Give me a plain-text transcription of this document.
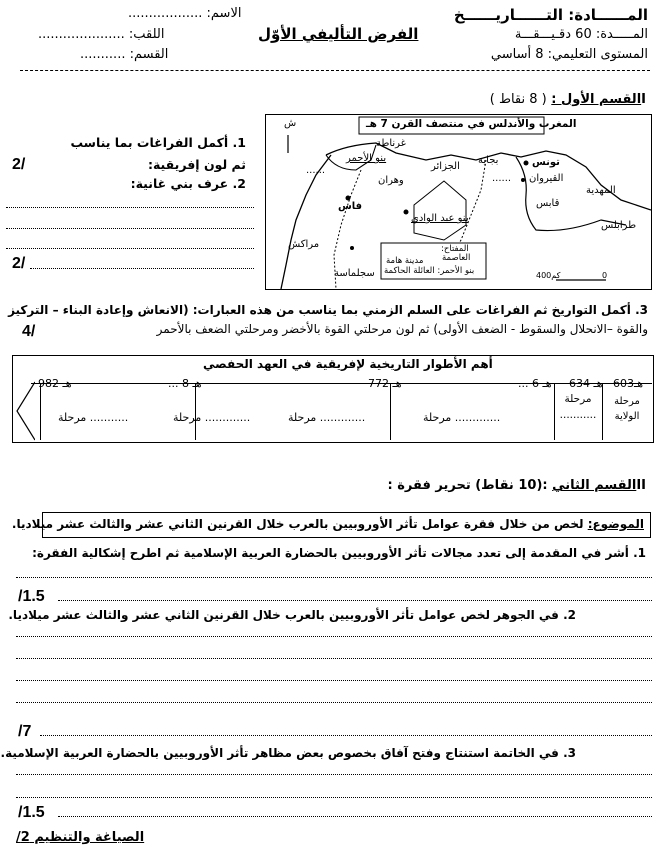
المــــــادة: التــــــاريــــــخ
المـــــدة: 60 دقـيـــقـــة
المستوى التعليمي: 8 أساسي
الفرض التأليفي الأوّل
الاسم: ..................
اللقب: .....................
القسم: ...........
Iالقسم الأول : ( 8 نقاط )
1. أكمل الفراغات بما يناسب
ثم لون إفريقية:
2. عرف بني غانية:
2/
2/
المغرب والأندلس في منتصف القرن 7 هـ
ش
غرناطة
بنو الأحمر
الجزائر
بجاية	تونس
القيروان
وهران
......
......
المهدية
قابس
طرابلس
فاس
بنو عبد الوادي
مراكش
سجلماسة
المفتاح:
العاصمة
مدينة هامة
بنو الأحمر: العائلة الحاكمة	400كم	0
3. أكمل التواريخ ثم الفراغات على السلم الزمني بما يناسب من هذه العبارات: (الانعاش وإعادة البناء – التركيز
والقوة –الانحلال والسقوط - الضعف الأولى) ثم لون مرحلتي القوة بالأخضر ومرحلتي الضعف بالأحمر
4/
أهم الأطوار التاريخية لإفريقية في العهد الحفصي
603هـ
634 هـ
... 6 هـ
772 هـ
... 8 هـ
982 هـ
مرحلة الولاية
مرحلة ...........
............. مرحلة
............. مرحلة
............. مرحلة
........... مرحلة
IIالقسم الثاني :(10 نقاط) تحرير فقرة :
الموضوع: لخص من خلال فقرة عوامل تأثر الأوروبيين بالعرب خلال القرنين الثاني عشر والثالث عشر ميلاديا.
1. أشر في المقدمة إلى تعدد مجالات تأثر الأوروبيين بالحضارة العربية الإسلامية ثم اطرح إشكالية الفقرة:
/1.5
2. في الجوهر لخص عوامل تأثر الأوروبيين بالعرب خلال القرنين الثاني عشر والثالث عشر ميلاديا.
/7
3. في الخاتمة استنتاج وفتح آفاق بخصوص بعض مظاهر تأثر الأوروبيين بالحضارة العربية الإسلامية.
/1.5
الصياغة والتنظيم 2/
